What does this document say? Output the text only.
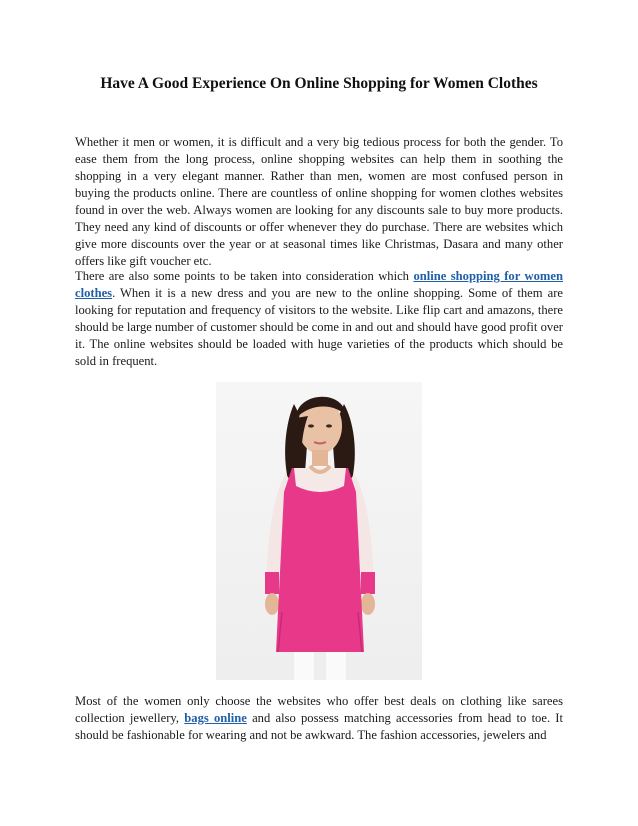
Have A Good Experience On Online Shopping for Women Clothes

Whether it men or women, it is difficult and a very big tedious process for both the gender. To ease them from the long process, online shopping websites can help them in soothing the shopping in a very elegant manner. Rather than men, women are most confused person in buying the products online. There are countless of online shopping for women clothes websites found in over the web. Always women are looking for any discounts sale to buy more products. They need any kind of discounts or offer whenever they do purchase. There are websites which give more discounts over the year or at seasonal times like Christmas, Dasara and many other offers like gift voucher etc.

There are also some points to be taken into consideration which online shopping for women clothes. When it is a new dress and you are new to the online shopping. Some of them are looking for reputation and frequency of visitors to the website. Like flip cart and amazons, there should be large number of customer should be come in and out and should have good profit over it. The online websites should be loaded with huge varieties of the products which should be sold in frequent.

Most of the women only choose the websites who offer best deals on clothing like sarees collection jewellery, bags online and also possess matching accessories from head to toe. It should be fashionable for wearing and not be awkward. The fashion accessories, jewelers and
